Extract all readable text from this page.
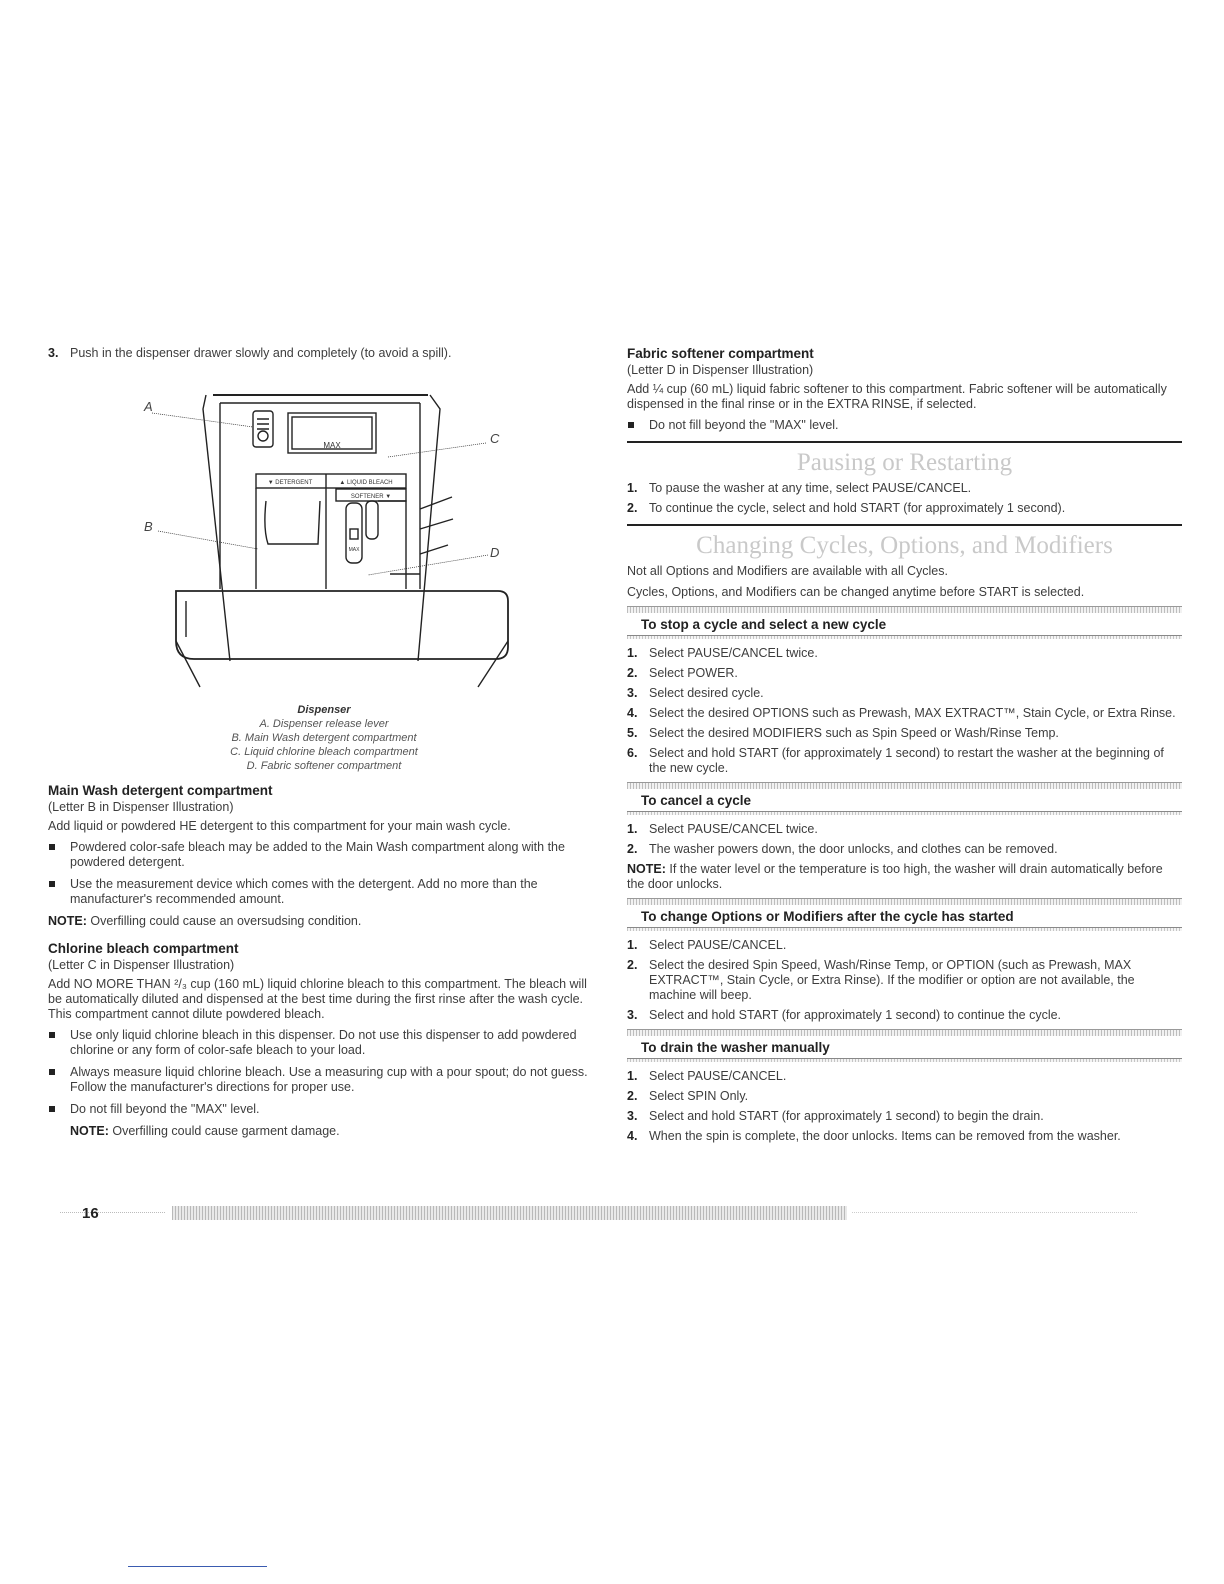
3. Push in the dispenser drawer slowly and completely (to avoid a spill).
MAX
▼ DETERGENT	▲ LIQUID BLEACH
SOFTENER ▼
MAX
A
B
C
D
Dispenser
A. Dispenser release lever
B. Main Wash detergent compartment
C. Liquid chlorine bleach compartment
D. Fabric softener compartment

Main Wash detergent compartment

(Letter B in Dispenser Illustration)

Add liquid or powdered HE detergent to this compartment for your main wash cycle.

Powdered color-safe bleach may be added to the Main Wash compartment along with the powdered detergent.
Use the measurement device which comes with the detergent. Add no more than the manufacturer's recommended amount.

NOTE: Overfilling could cause an oversudsing condition.

Chlorine bleach compartment

(Letter C in Dispenser Illustration)

Add NO MORE THAN ²/₃ cup (160 mL) liquid chlorine bleach to this compartment. The bleach will be automatically diluted and dispensed at the best time during the first rinse after the wash cycle. This compartment cannot dilute powdered bleach.

Use only liquid chlorine bleach in this dispenser. Do not use this dispenser to add powdered chlorine or any form of color-safe bleach to your load.
Always measure liquid chlorine bleach. Use a measuring cup with a pour spout; do not guess. Follow the manufacturer's directions for proper use.
Do not fill beyond the "MAX" level.

NOTE: Overfilling could cause garment damage.

Fabric softener compartment

(Letter D in Dispenser Illustration)

Add ¼ cup (60 mL) liquid fabric softener to this compartment. Fabric softener will be automatically dispensed in the final rinse or in the EXTRA RINSE, if selected.

Do not fill beyond the "MAX" level.

Pausing or Restarting

1. To pause the washer at any time, select PAUSE/CANCEL.
2. To continue the cycle, select and hold START (for approximately 1 second).

Changing Cycles, Options, and Modifiers

Not all Options and Modifiers are available with all Cycles.

Cycles, Options, and Modifiers can be changed anytime before START is selected.

To stop a cycle and select a new cycle

1. Select PAUSE/CANCEL twice.
2. Select POWER.
3. Select desired cycle.
4. Select the desired OPTIONS such as Prewash, MAX EXTRACT™, Stain Cycle, or Extra Rinse.
5. Select the desired MODIFIERS such as Spin Speed or Wash/Rinse Temp.
6. Select and hold START (for approximately 1 second) to restart the washer at the beginning of the new cycle.

To cancel a cycle

1. Select PAUSE/CANCEL twice.
2. The washer powers down, the door unlocks, and clothes can be removed.

NOTE: If the water level or the temperature is too high, the washer will drain automatically before the door unlocks.

To change Options or Modifiers after the cycle has started

1. Select PAUSE/CANCEL.
2. Select the desired Spin Speed, Wash/Rinse Temp, or OPTION (such as Prewash, MAX EXTRACT™, Stain Cycle, or Extra Rinse). If the modifier or option are not available, the machine will beep.
3. Select and hold START (for approximately 1 second) to continue the cycle.

To drain the washer manually

1. Select PAUSE/CANCEL.
2. Select SPIN Only.
3. Select and hold START (for approximately 1 second) to begin the drain.
4. When the spin is complete, the door unlocks. Items can be removed from the washer.
16
